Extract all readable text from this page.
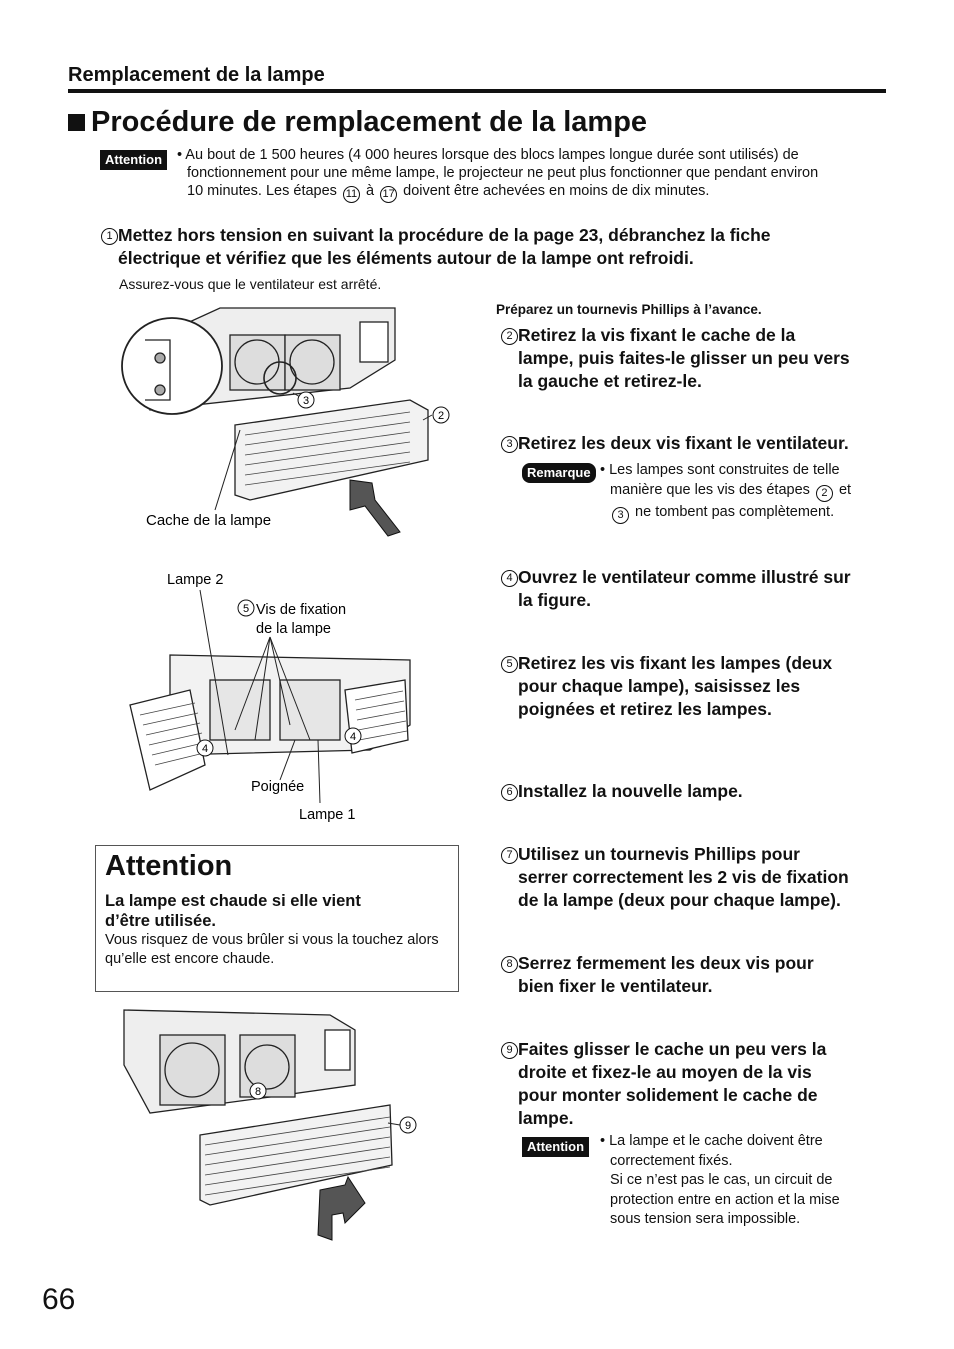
Remplacement de la lampe
Procédure de remplacement de la lampe
Attention	• Au bout de 1 500 heures (4 000 heures lorsque des blocs lampes longue durée sont utilisés) de
fonctionnement pour une même lampe, le projecteur ne peut plus fonctionner que pendant environ
10 minutes. Les étapes 11 à 17 doivent être achevées en moins de dix minutes.
1 Mettez hors tension en suivant la procédure de la page 23, débranchez la fiche
électrique et vérifiez que les éléments autour de la lampe ont refroidi.
Assurez-vous que le ventilateur est arrêté.
Préparez un tournevis Phillips à l’avance.
2 Retirez la vis fixant le cache de la
lampe, puis faites-le glisser un peu vers
la gauche et retirez-le.
3 Retirez les deux vis fixant le ventilateur.
Remarque • Les lampes sont construites de telle
manière que les vis des étapes 2 et
3 ne tombent pas complètement.
4 Ouvrez le ventilateur comme illustré sur
la figure.
5 Retirez les vis fixant les lampes (deux
pour chaque lampe), saisissez les
poignées et retirez les lampes.
6 Installez la nouvelle lampe.
7 Utilisez un tournevis Phillips pour
serrer correctement les 2 vis de fixation
de la lampe (deux pour chaque lampe).
8 Serrez fermement les deux vis pour
bien fixer le ventilateur.
9 Faites glisser le cache un peu vers la
droite et fixez-le au moyen de la vis
pour monter solidement le cache de
lampe.
Attention	• La lampe et le cache doivent être
correctement fixés.
Si ce n’est pas le cas, un circuit de
protection entre en action et la mise
sous tension sera impossible.
3
2
Cache de la lampe
Lampe 2
5 Vis de fixation
de la lampe
4
4
Poignée
Lampe 1
Attention
La lampe est chaude si elle vient
d’être utilisée.
Vous risquez de vous brûler si vous la touchez alors qu’elle est encore chaude.
8
9
66
